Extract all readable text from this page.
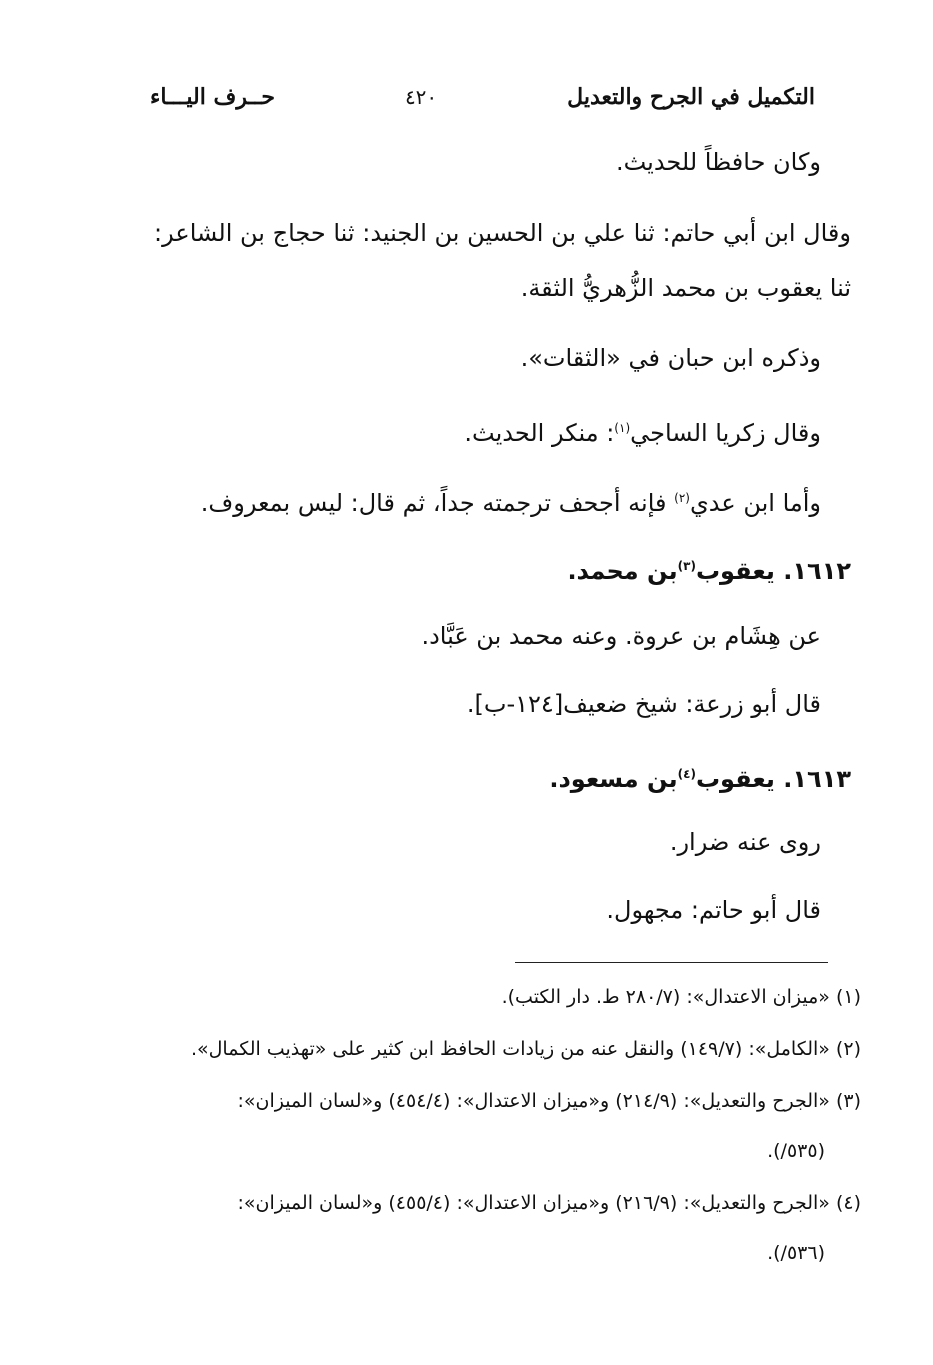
التكميل في الجرح والتعديل
٤٢٠
حــرف اليـــاء
وكان حافظاً للحديث.
وقال ابن أبي حاتم: ثنا علي بن الحسين بن الجنيد: ثنا حجاج بن الشاعر:
ثنا يعقوب بن محمد الزُّهريُّ الثقة.
وذكره ابن حبان في «الثقات».
وقال زكريا الساجي$^{(١)}$: منكر الحديث.
وأما ابن عدي$^{(٢)}$ فإنه أجحف ترجمته جداً، ثم قال: ليس بمعروف.
١٦١٢. يعقوب$^{(٣)}$بن محمد.
عن هِشَام بن عروة. وعنه محمد بن عَبَّاد.
قال أبو زرعة: شيخ ضعيف[١٢٤-ب].
١٦١٣. يعقوب$^{(٤)}$بن مسعود.
روى عنه ضرار.
قال أبو حاتم: مجهول.
(١) «ميزان الاعتدال»: (٢٨٠/٧ ط. دار الكتب).
(٢) «الكامل»: (١٤٩/٧) والنقل عنه من زيادات الحافظ ابن كثير على «تهذيب الكمال».
(٣) «الجرح والتعديل»: (٢١٤/٩) و«ميزان الاعتدال»: (٤٥٤/٤) و«لسان الميزان»:
(٥٣٥/).
(٤) «الجرح والتعديل»: (٢١٦/٩) و«ميزان الاعتدال»: (٤٥٥/٤) و«لسان الميزان»:
(٥٣٦/).
